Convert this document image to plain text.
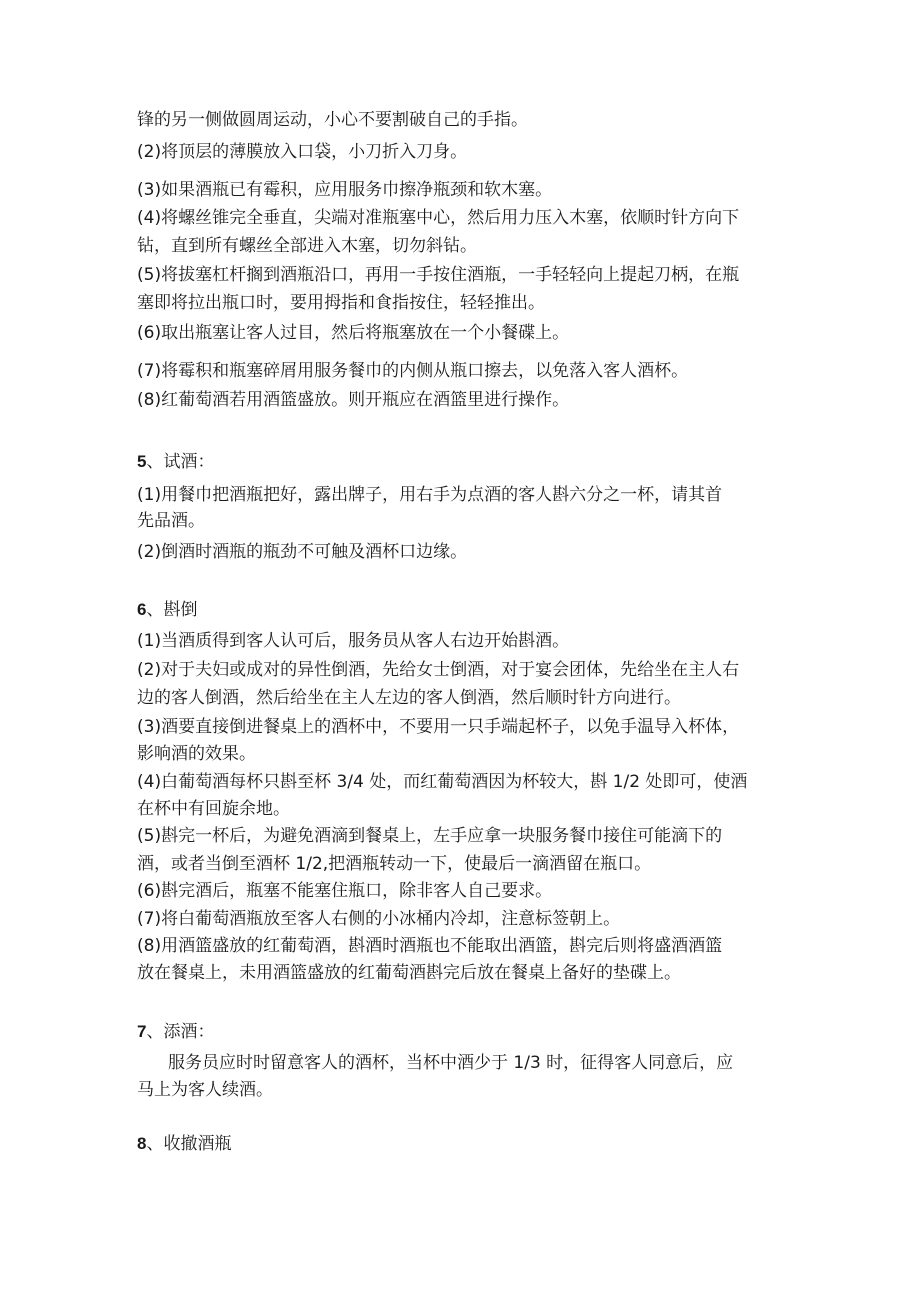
锋的另一侧做圆周运动，小心不要割破自己的手指。
(2)将顶层的薄膜放入口袋，小刀折入刀身。
(3)如果酒瓶已有霉积，应用服务巾擦净瓶颈和软木塞。
(4)将螺丝锥完全垂直，尖端对准瓶塞中心，然后用力压入木塞，依顺时针方向下
钻，直到所有螺丝全部进入木塞，切勿斜钻。
(5)将拔塞杠杆搁到酒瓶沿口，再用一手按住酒瓶，一手轻轻向上提起刀柄，在瓶
塞即将拉出瓶口时，要用拇指和食指按住，轻轻推出。
(6)取出瓶塞让客人过目，然后将瓶塞放在一个小餐碟上。
(7)将霉积和瓶塞碎屑用服务餐巾的内侧从瓶口擦去，以免落入客人酒杯。
(8)红葡萄酒若用酒篮盛放。则开瓶应在酒篮里进行操作。
5、试酒：
(1)用餐巾把酒瓶把好，露出牌子，用右手为点酒的客人斟六分之一杯，请其首
先品酒。
(2)倒酒时酒瓶的瓶劲不可触及酒杯口边缘。
6、斟倒
(1)当酒质得到客人认可后，服务员从客人右边开始斟酒。
(2)对于夫妇或成对的异性倒酒，先给女士倒酒，对于宴会团体，先给坐在主人右
边的客人倒酒，然后给坐在主人左边的客人倒酒，然后顺时针方向进行。
(3)酒要直接倒进餐桌上的酒杯中，不要用一只手端起杯子，以免手温导入杯体，
影响酒的效果。
(4)白葡萄酒每杯只斟至杯 3/4 处，而红葡萄酒因为杯较大，斟 1/2 处即可，使酒
在杯中有回旋余地。
(5)斟完一杯后，为避免酒滴到餐桌上，左手应拿一块服务餐巾接住可能滴下的
酒，或者当倒至酒杯 1/2,把酒瓶转动一下，使最后一滴酒留在瓶口。
(6)斟完酒后，瓶塞不能塞住瓶口，除非客人自己要求。
(7)将白葡萄酒瓶放至客人右侧的小冰桶内冷却，注意标签朝上。
(8)用酒篮盛放的红葡萄酒，斟酒时酒瓶也不能取出酒篮，斟完后则将盛酒酒篮
放在餐桌上，未用酒篮盛放的红葡萄酒斟完后放在餐桌上备好的垫碟上。
7、添酒：
服务员应时时留意客人的酒杯，当杯中酒少于 1/3 时，征得客人同意后，应
马上为客人续酒。
8、收撤酒瓶
